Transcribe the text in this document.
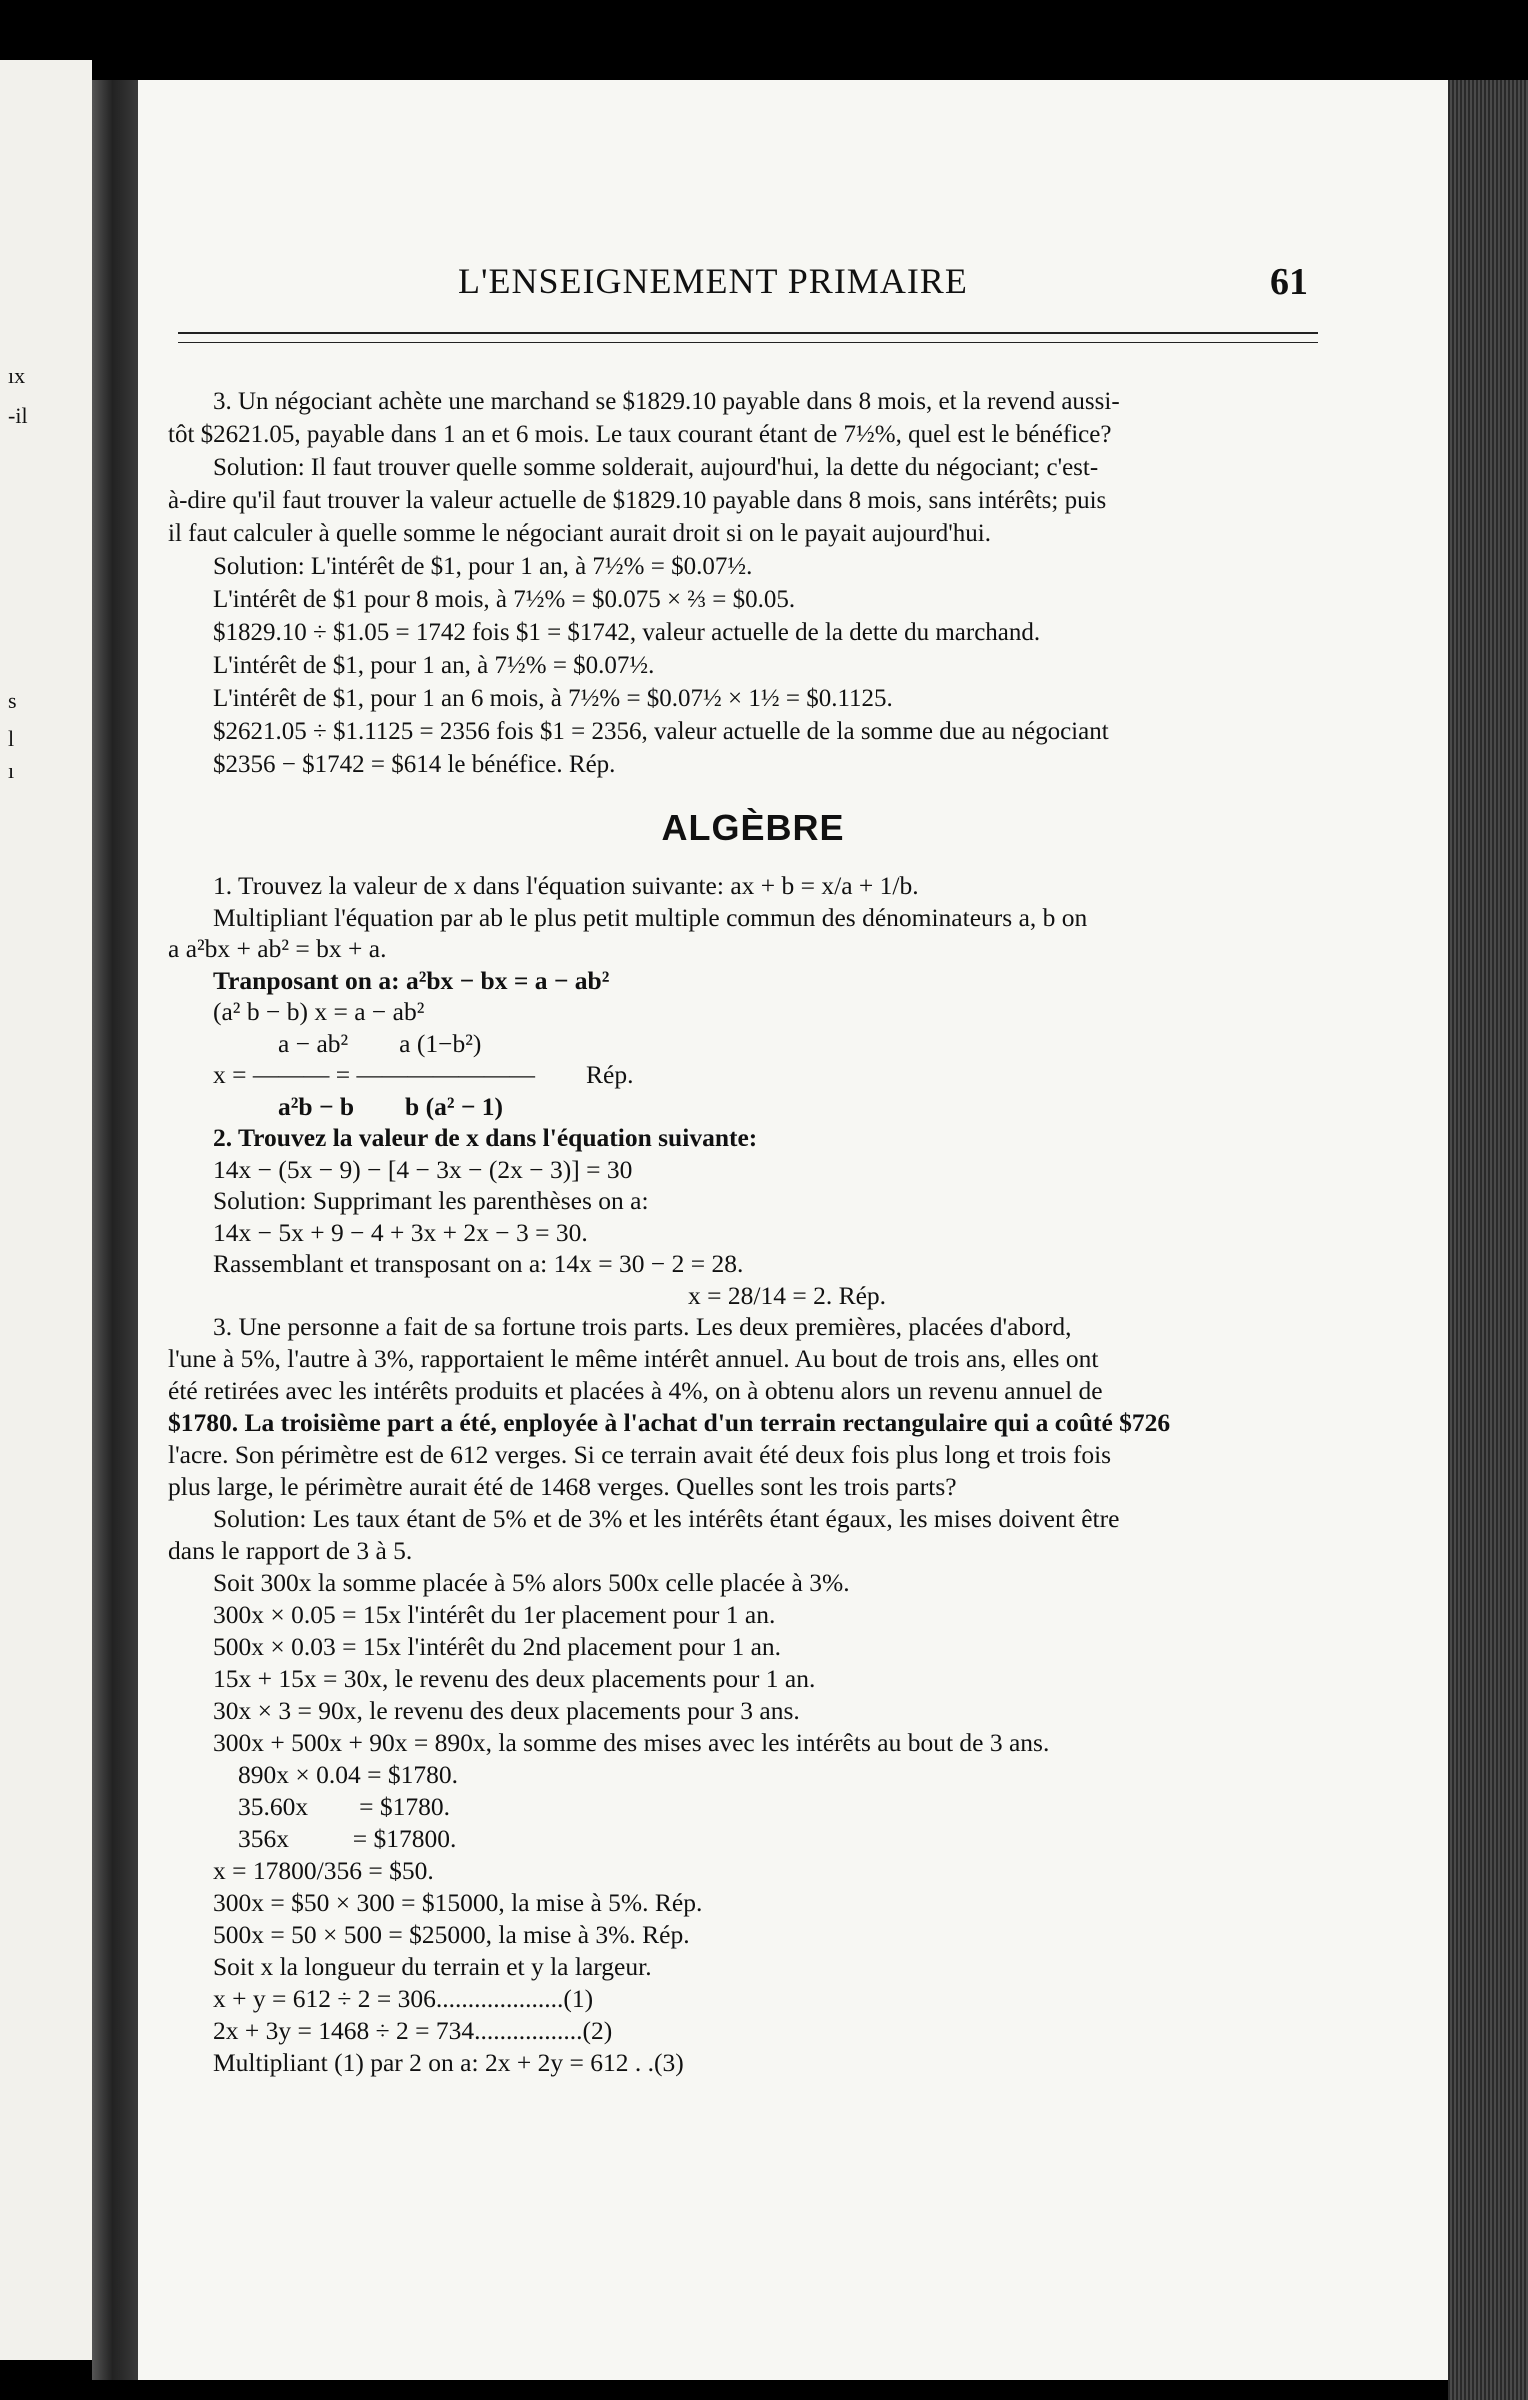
ıx
-il
s
l
ı
L'ENSEIGNEMENT PRIMAIRE	61

3. Un négociant achète une marchand se $1829.10 payable dans 8 mois, et la revend aussi-

tôt $2621.05, payable dans 1 an et 6 mois. Le taux courant étant de 7½%, quel est le bénéfice?

Solution: Il faut trouver quelle somme solderait, aujourd'hui, la dette du négociant; c'est-

à-dire qu'il faut trouver la valeur actuelle de $1829.10 payable dans 8 mois, sans intérêts; puis

il faut calculer à quelle somme le négociant aurait droit si on le payait aujourd'hui.

Solution: L'intérêt de $1, pour 1 an, à 7½% = $0.07½.

L'intérêt de $1 pour 8 mois, à 7½% = $0.075 × ⅔ = $0.05.

$1829.10 ÷ $1.05 = 1742 fois $1 = $1742, valeur actuelle de la dette du marchand.

L'intérêt de $1, pour 1 an, à 7½% = $0.07½.

L'intérêt de $1, pour 1 an 6 mois, à 7½% = $0.07½ × 1½ = $0.1125.

$2621.05 ÷ $1.1125 = 2356 fois $1 = 2356, valeur actuelle de la somme due au négociant

$2356 − $1742 = $614 le bénéfice. Rép.

ALGÈBRE

1. Trouvez la valeur de x dans l'équation suivante: ax + b = x/a + 1/b.

Multipliant l'équation par ab le plus petit multiple commun des dénominateurs a, b on

a a²bx + ab² = bx + a.

Tranposant on a: a²bx − bx = a − ab²

(a² b − b) x = a − ab²

a − ab²        a (1−b²)

x = ——— = ———————        Rép.

a²b − b        b (a² − 1)

2. Trouvez la valeur de x dans l'équation suivante:

14x − (5x − 9) − [4 − 3x − (2x − 3)] = 30

Solution: Supprimant les parenthèses on a:

14x − 5x + 9 − 4 + 3x + 2x − 3 = 30.

Rassemblant et transposant on a: 14x = 30 − 2 = 28.

x = 28/14 = 2. Rép.

3. Une personne a fait de sa fortune trois parts. Les deux premières, placées d'abord,

l'une à 5%, l'autre à 3%, rapportaient le même intérêt annuel. Au bout de trois ans, elles ont

été retirées avec les intérêts produits et placées à 4%, on à obtenu alors un revenu annuel de

$1780. La troisième part a été, enployée à l'achat d'un terrain rectangulaire qui a coûté $726

l'acre. Son périmètre est de 612 verges. Si ce terrain avait été deux fois plus long et trois fois

plus large, le périmètre aurait été de 1468 verges. Quelles sont les trois parts?

Solution: Les taux étant de 5% et de 3% et les intérêts étant égaux, les mises doivent être

dans le rapport de 3 à 5.

Soit 300x la somme placée à 5% alors 500x celle placée à 3%.

300x × 0.05 = 15x l'intérêt du 1er placement pour 1 an.

500x × 0.03 = 15x l'intérêt du 2nd placement pour 1 an.

15x + 15x = 30x, le revenu des deux placements pour 1 an.

30x × 3 = 90x, le revenu des deux placements pour 3 ans.

300x + 500x + 90x = 890x, la somme des mises avec les intérêts au bout de 3 ans.

890x × 0.04 = $1780.

35.60x        = $1780.

356x          = $17800.

x = 17800/356 = $50.

300x = $50 × 300 = $15000, la mise à 5%. Rép.

500x = 50 × 500 = $25000, la mise à 3%. Rép.

Soit x la longueur du terrain et y la largeur.

x + y = 612 ÷ 2 = 306....................(1)

2x + 3y = 1468 ÷ 2 = 734.................(2)

Multipliant (1) par 2 on a: 2x + 2y = 612 . .(3)
